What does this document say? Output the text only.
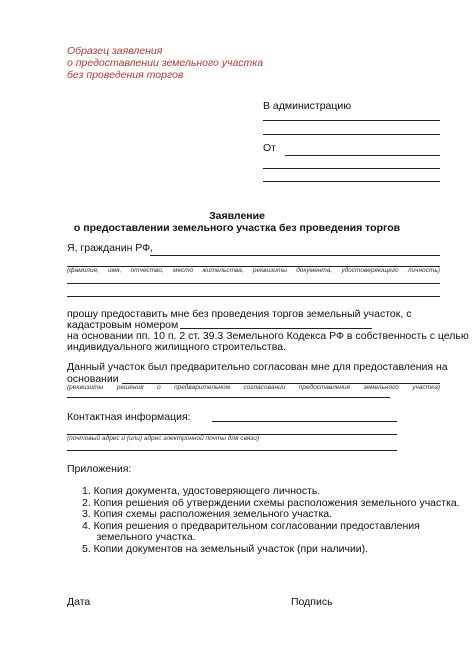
Образец заявления
о предоставлении земельного участка
без проведения торгов
В администрацию
От
Заявление
о предоставлении земельного участка без проведения торгов
Я, гражданин РФ,
(фамилия, имя, отчество, место жительства, реквизиты документа, удостоверяющего личность)
прошу предоставить мне без проведения торгов земельный участок, с
кадастровым номером
на основании пп. 10 п. 2 ст. 39.3 Земельного Кодекса РФ в собственность с целью
индивидуального жилищного строительства.
Данный участок был предварительно согласован мне для предоставления на
основании
(реквизиты решения о предварительном согласовании предоставления земельного участка)
Контактная информация:
(почтовый адрес и (или) адрес электронной почты для связи)
Приложения:
1. Копия документа, удостоверяющего личность.
2. Копия решения об утверждении схемы расположения земельного участка.
3. Копия схемы расположения земельного участка.
4. Копия решения о предварительном согласовании предоставления
земельного участка.
5. Копии документов на земельный участок (при наличии).
Дата	Подпись
